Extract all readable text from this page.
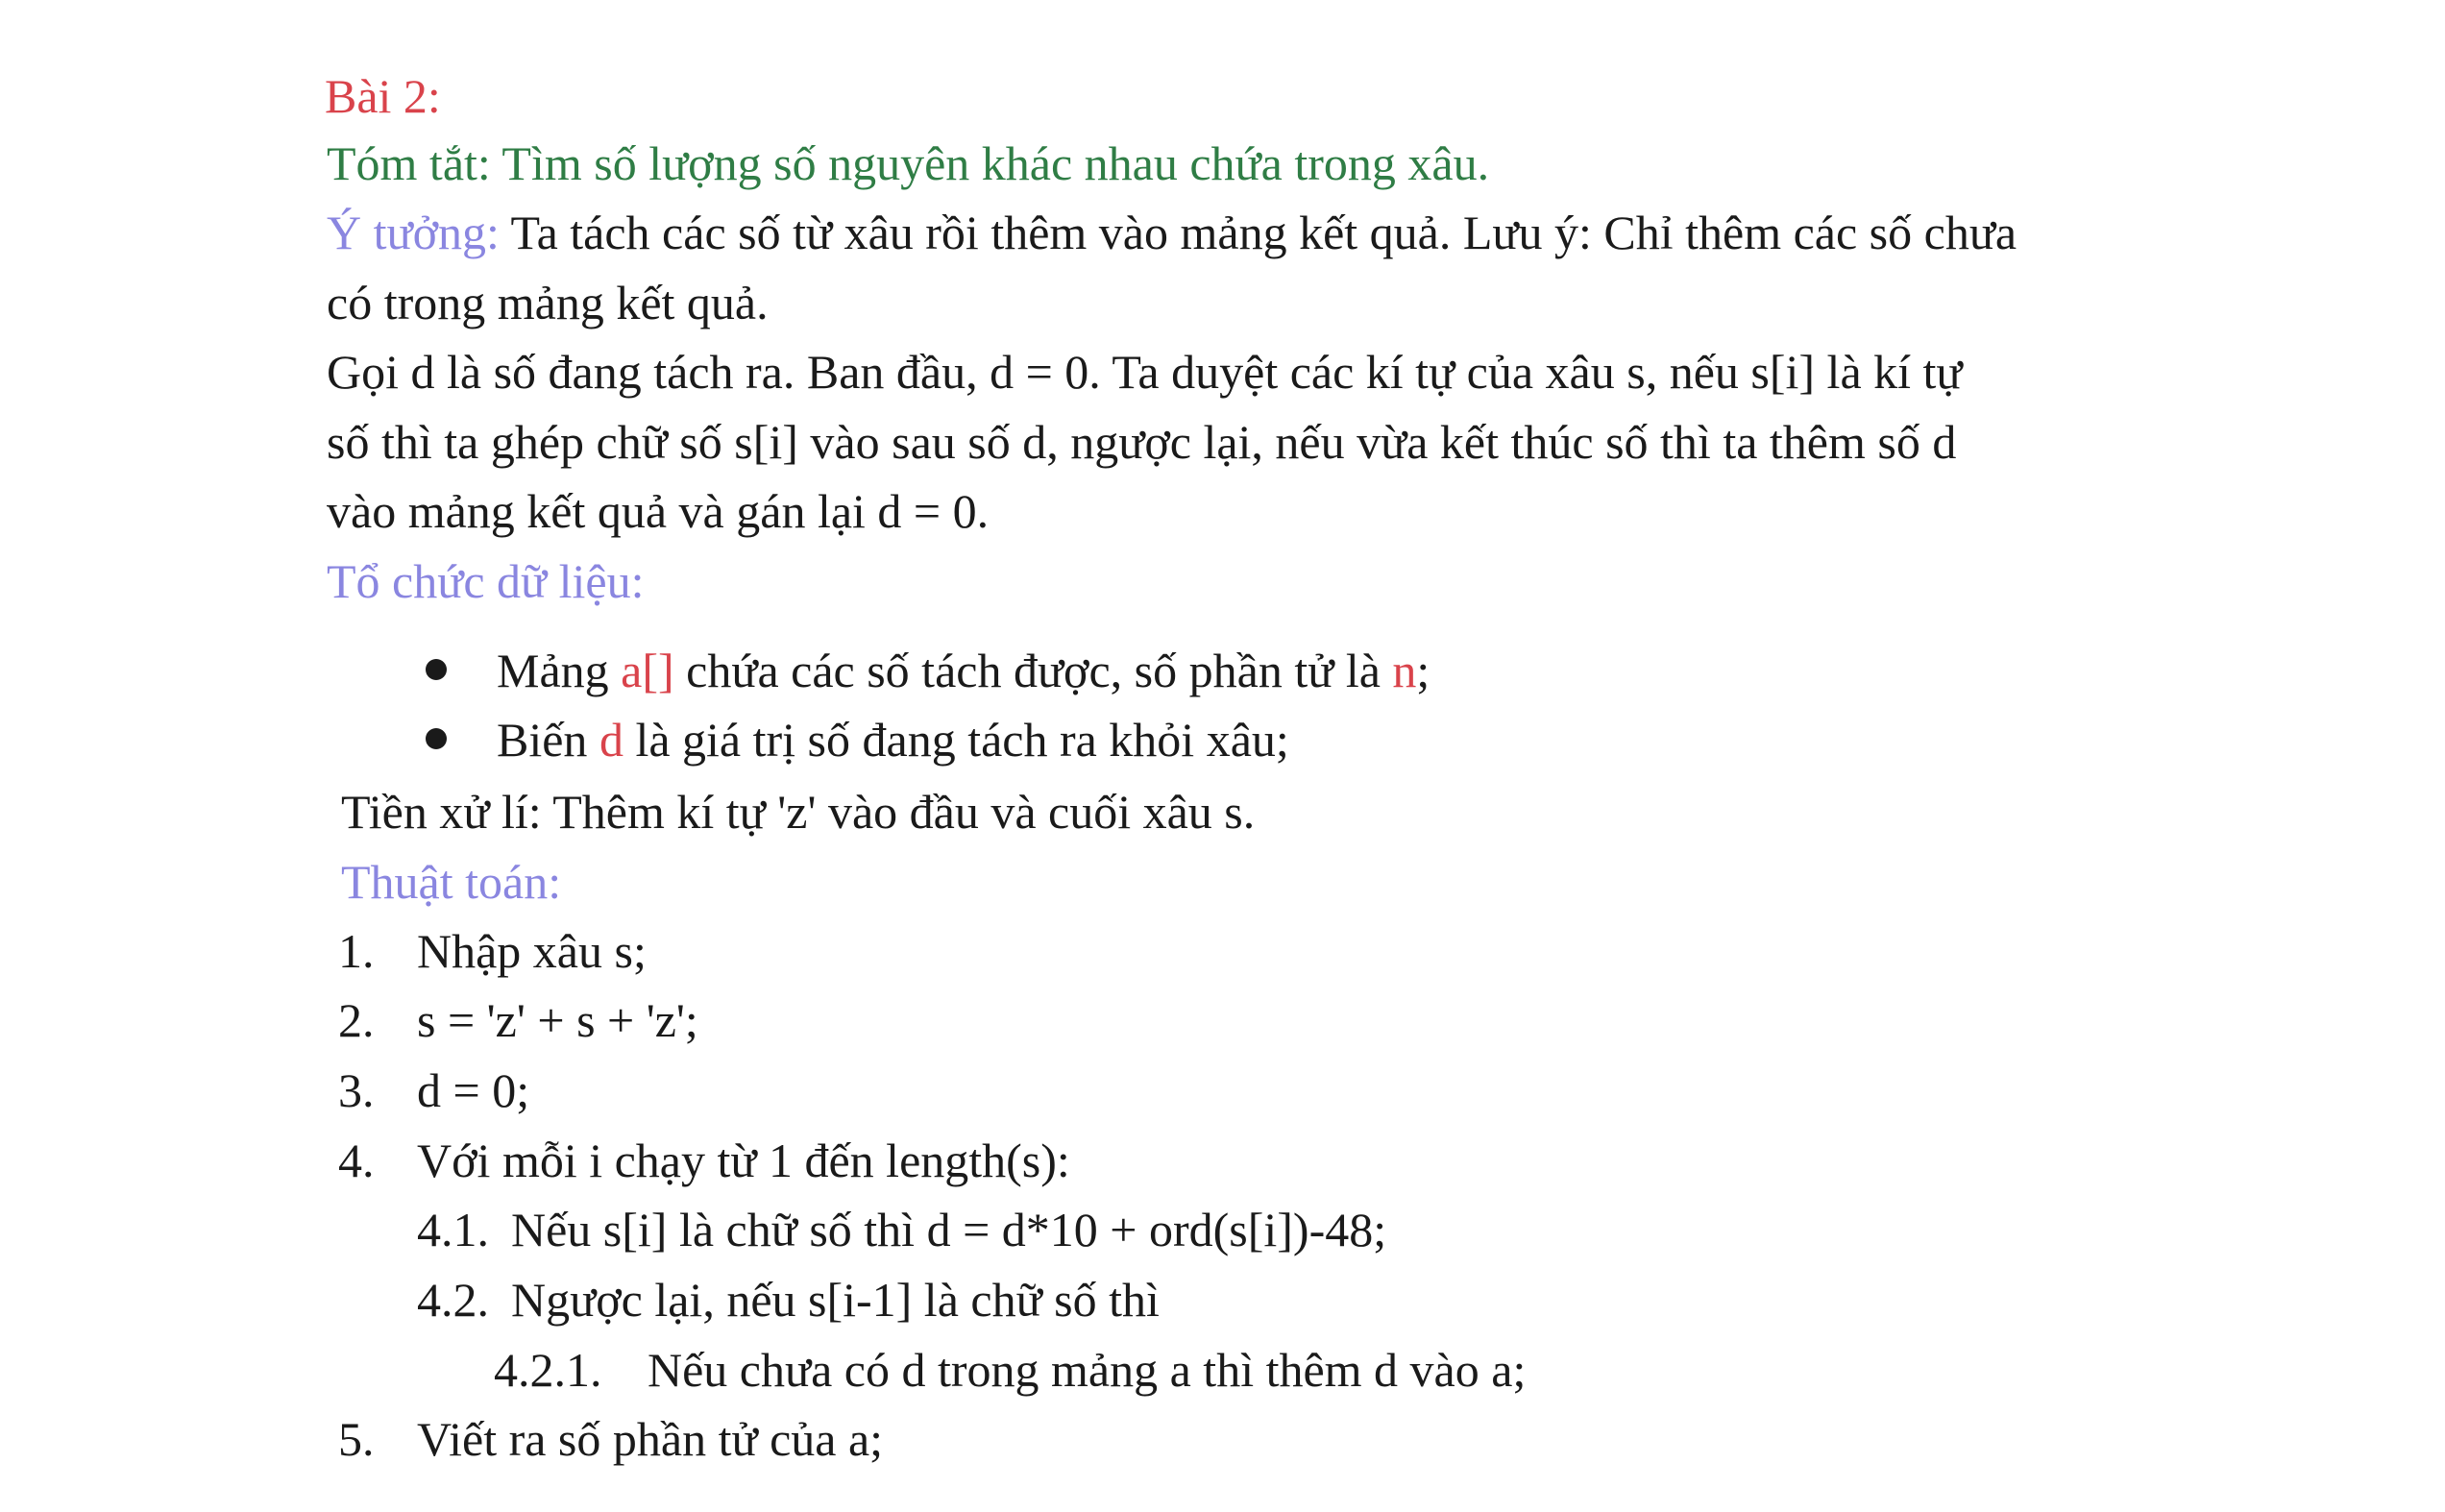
Bài 2:
Tóm tắt: Tìm số lượng số nguyên khác nhau chứa trong xâu.
Ý tưởng: Ta tách các số từ xâu rồi thêm vào mảng kết quả. Lưu ý: Chỉ thêm các số chưa
có trong mảng kết quả.
Gọi d là số đang tách ra. Ban đầu, d = 0. Ta duyệt các kí tự của xâu s, nếu s[i] là kí tự
số thì ta ghép chữ số s[i] vào sau số d, ngược lại, nếu vừa kết thúc số thì ta thêm số d
vào mảng kết quả và gán lại d = 0.
Tổ chức dữ liệu:
Mảng a[] chứa các số tách được, số phần tử là n;
Biến d là giá trị số đang tách ra khỏi xâu;
Tiền xử lí: Thêm kí tự 'z' vào đầu và cuối xâu s.
Thuật toán:
1. Nhập xâu s;
2. s = 'z' + s + 'z';
3. d = 0;
4. Với mỗi i chạy từ 1 đến length(s):
4.1. Nếu s[i] là chữ số thì d = d*10 + ord(s[i])-48;
4.2. Ngược lại, nếu s[i-1] là chữ số thì
4.2.1. Nếu chưa có d trong mảng a thì thêm d vào a;
5. Viết ra số phần tử của a;
